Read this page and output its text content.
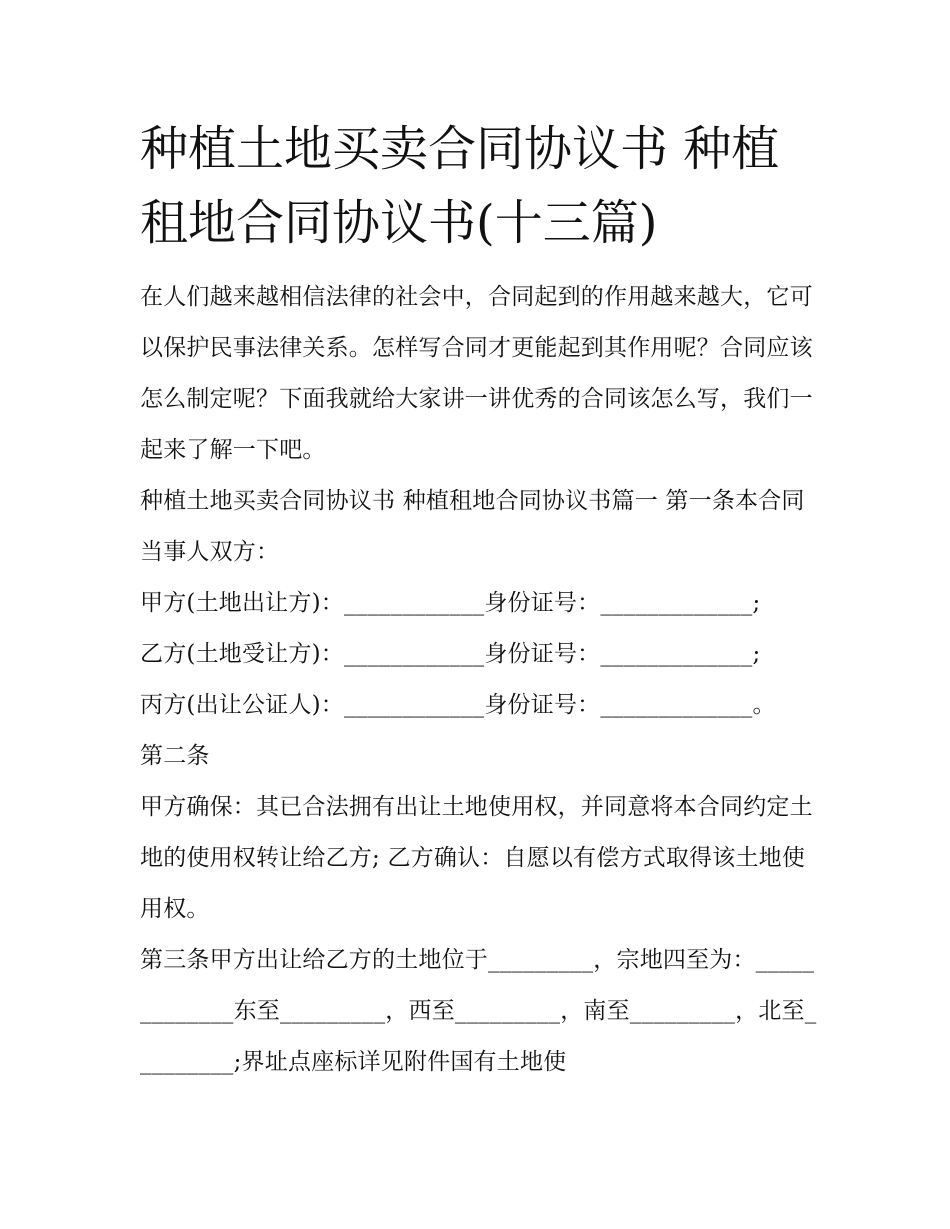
种植土地买卖合同协议书 种植租地合同协议书(十三篇)

在人们越来越相信法律的社会中，合同起到的作用越来越大，它可以保护民事法律关系。怎样写合同才更能起到其作用呢？合同应该怎么制定呢？下面我就给大家讲一讲优秀的合同该怎么写，我们一起来了解一下吧。

种植土地买卖合同协议书 种植租地合同协议书篇一 第一条本合同当事人双方：

甲方(土地出让方)：____________身份证号：_____________;

乙方(土地受让方)：____________身份证号：_____________;

丙方(出让公证人)：____________身份证号：_____________。

第二条

甲方确保：其已合法拥有出让土地使用权，并同意将本合同约定土地的使用权转让给乙方; 乙方确认：自愿以有偿方式取得该土地使用权。

第三条甲方出让给乙方的土地位于_________，宗地四至为：_____________东至_________，西至_________，南至_________，北至_________;界址点座标详见附件国有土地使
